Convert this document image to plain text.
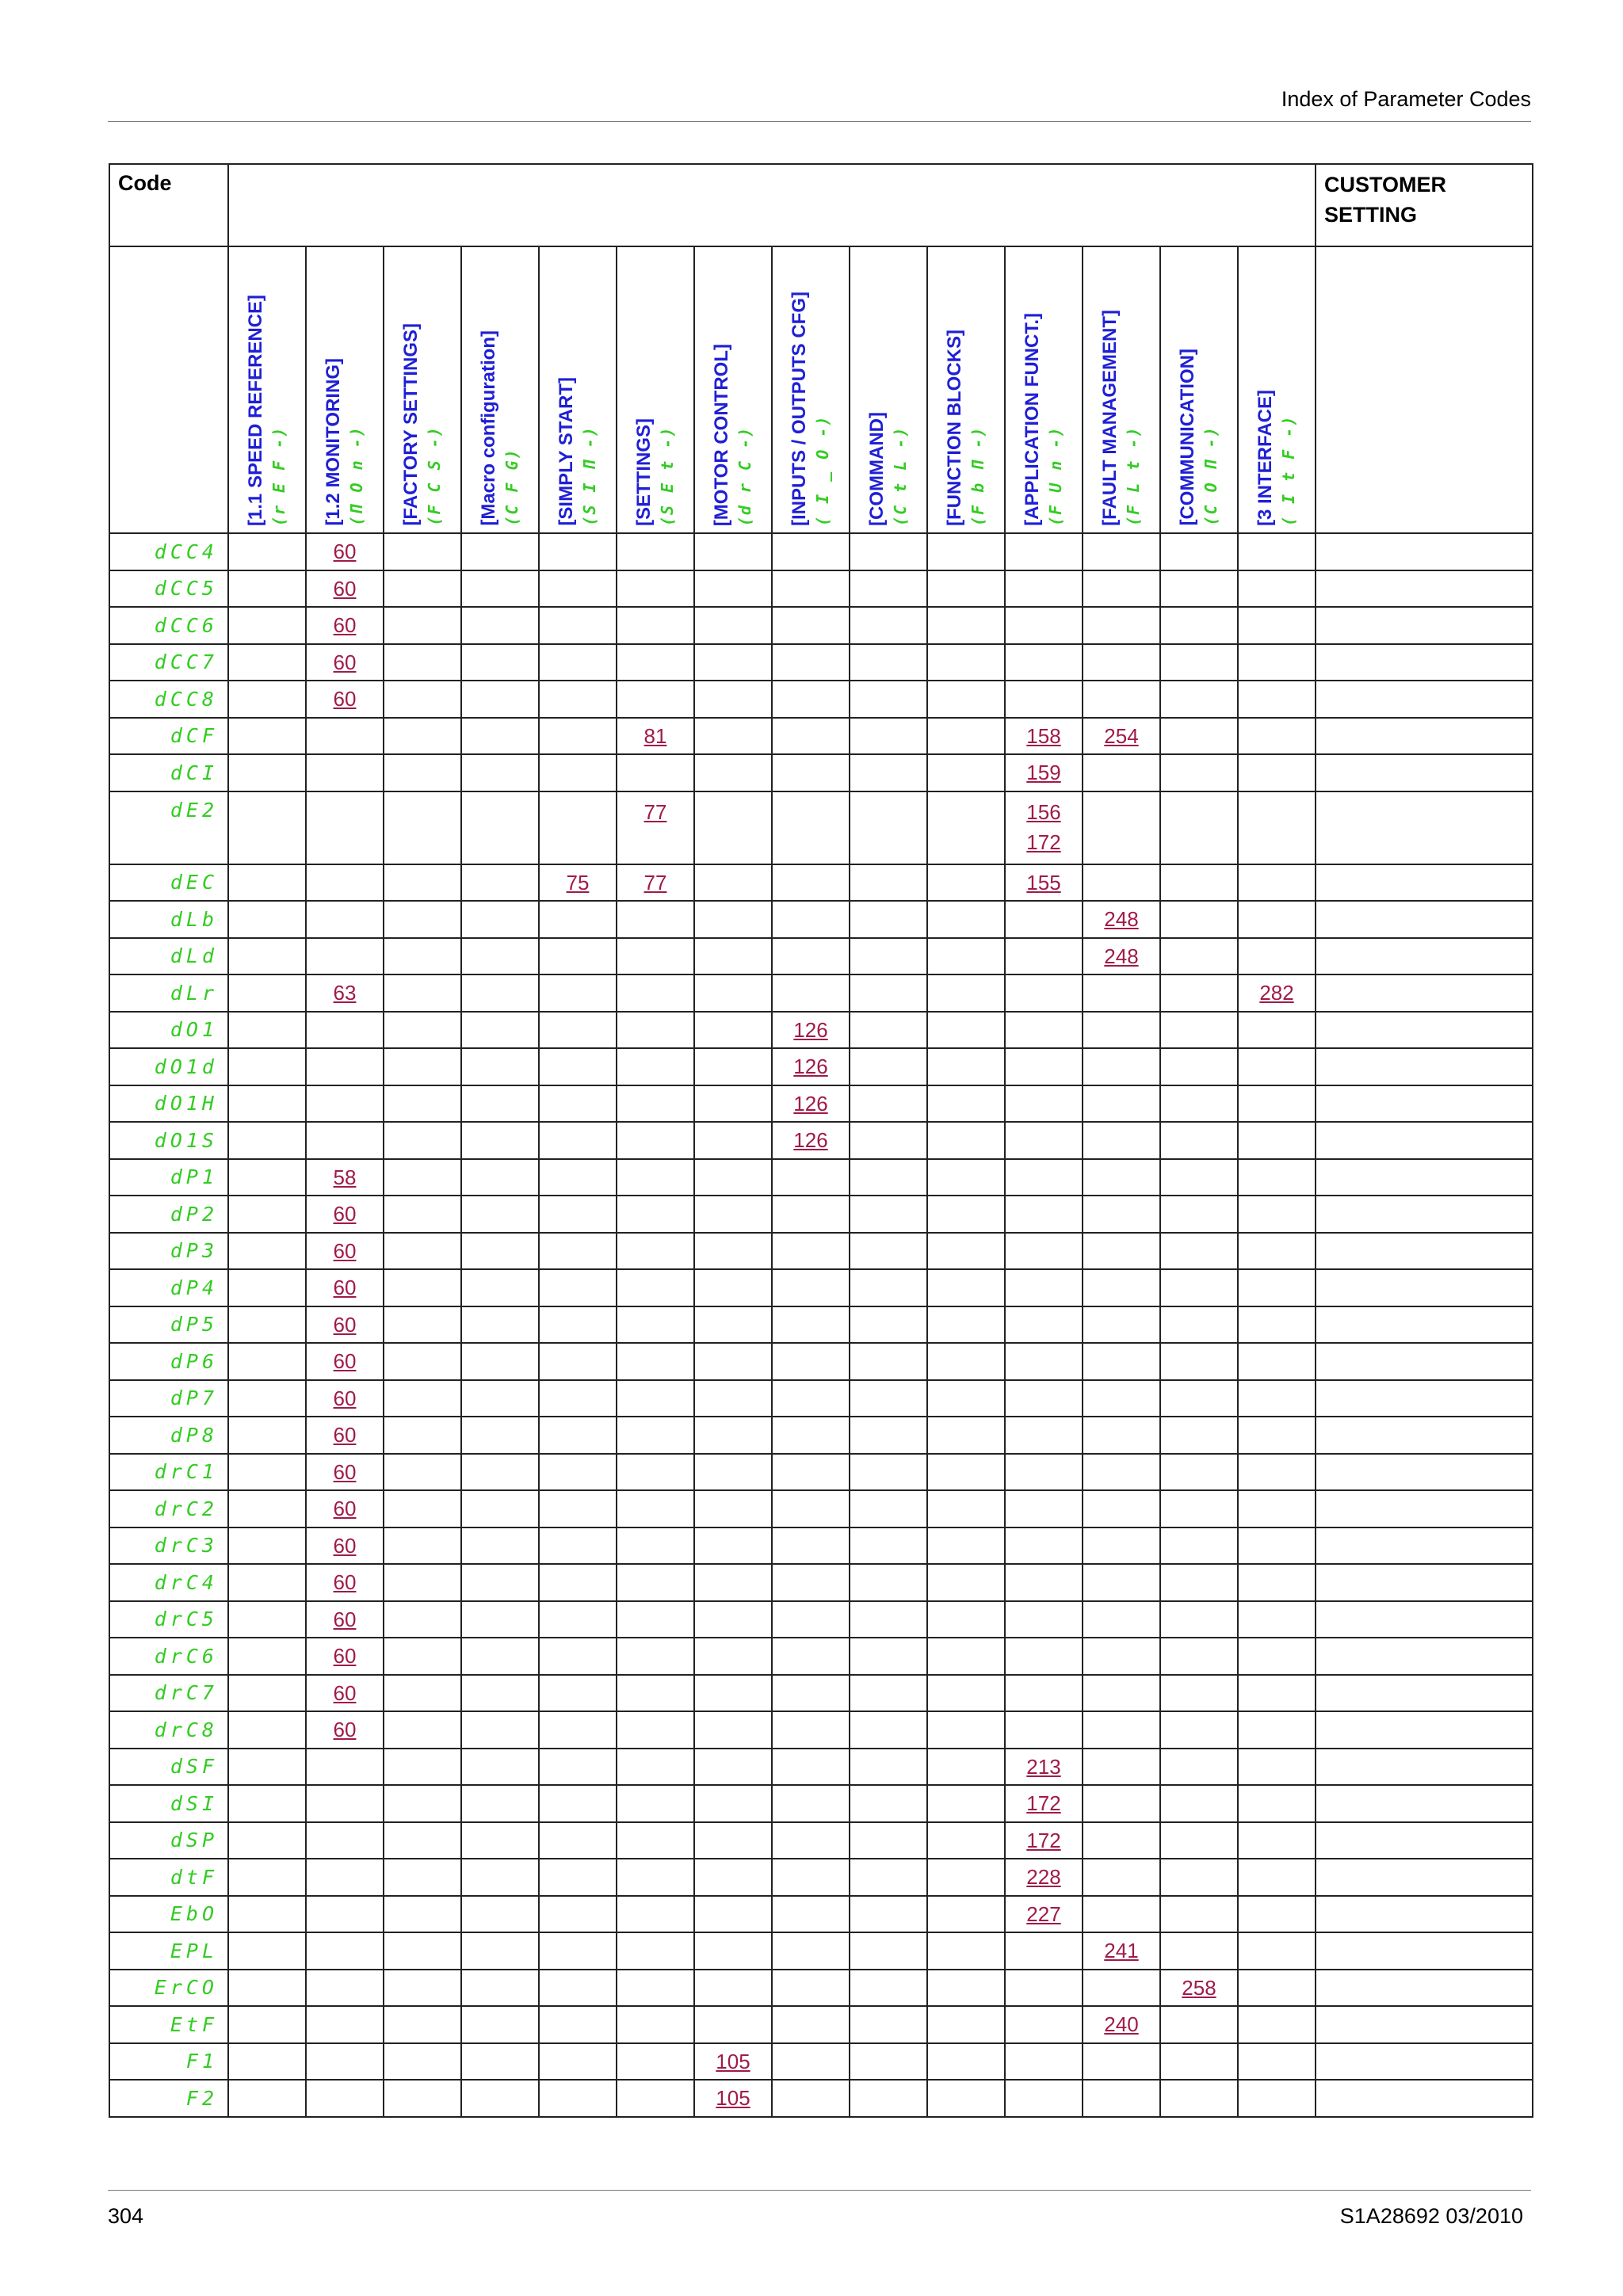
Index of Parameter Codes
Code															CUSTOMER SETTING

	[1.1 SPEED REFERENCE] (r E F -)	[1.2 MONITORING] (Π O n -)	[FACTORY SETTINGS] (F C S -)	[Macro configuration] (C F G)	[SIMPLY START] (S I Π -)	[SETTINGS] (S E t -)	[MOTOR CONTROL] (d r C -)	[INPUTS / OUTPUTS CFG] ( I _ O -)	[COMMAND] (C t L -)	[FUNCTION BLOCKS] (F b Π -)	[APPLICATION FUNCT.] (F U n -)	[FAULT MANAGEMENT] (F L t -)	[COMMUNICATION] (C O Π -)	[3 INTERFACE] ( I t F -)	

dCC4		60													

dCC5		60													

dCC6		60													

dCC7		60													

dCC8		60													

dCF						81					158	254			

dCI											159				

dE2						77					156
172				

dEC					75	77					155				

dLb												248			

dLd												248			

dLr		63												282	

dO1								126							

dO1d								126							

dO1H								126							

dO1S								126							

dP1		58													

dP2		60													

dP3		60													

dP4		60													

dP5		60													

dP6		60													

dP7		60													

dP8		60													

drC1		60													

drC2		60													

drC3		60													

drC4		60													

drC5		60													

drC6		60													

drC7		60													

drC8		60													

dSF											213				

dSI											172				

dSP											172				

dtF											228				

EbO											227				

EPL												241			

ErCO													258		

EtF												240			

F1							105								

F2							105								

304	S1A28692 03/2010
